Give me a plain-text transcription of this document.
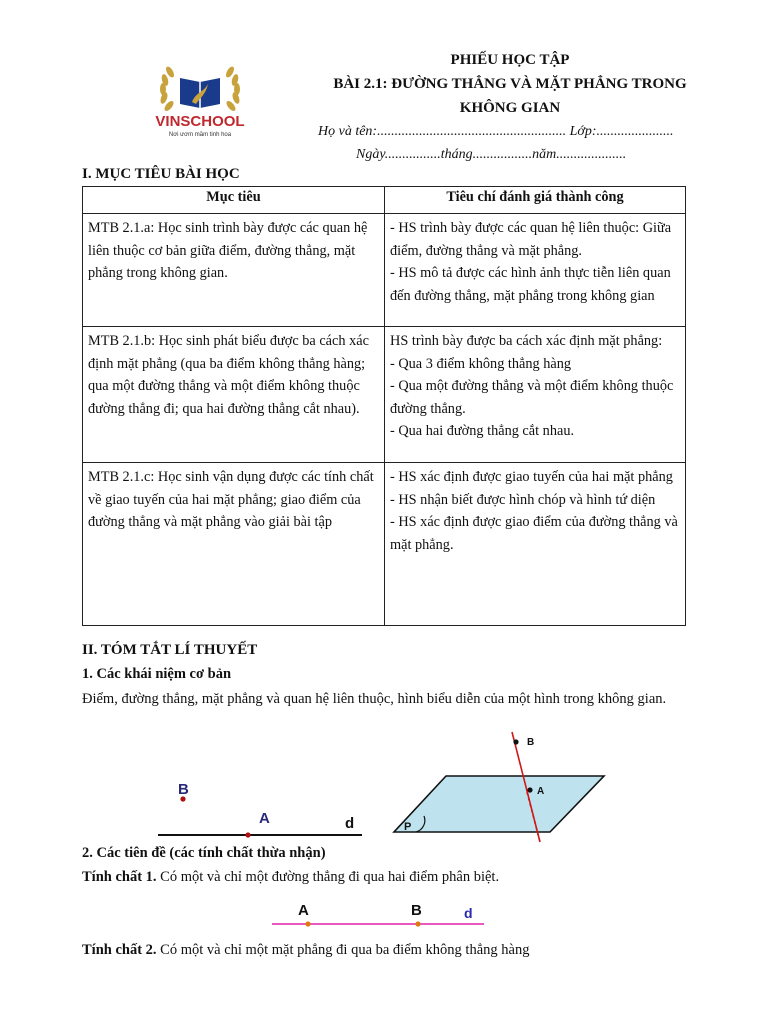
VINSCHOOL
Nơi ươm mầm tinh hoa
PHIẾU HỌC TẬP
BÀI 2.1: ĐƯỜNG THẲNG VÀ MẶT PHẲNG TRONG
KHÔNG GIAN
Họ và tên:...................................................... Lớp:......................
Ngày................tháng.................năm....................
I. MỤC TIÊU BÀI HỌC
Mục tiêu	Tiêu chí đánh giá thành công
MTB 2.1.a: Học sinh trình bày được các quan hệ liên thuộc cơ bản giữa điểm, đường thẳng, mặt phẳng trong không gian.	- HS trình bày được các quan hệ liên thuộc: Giữa điểm, đường thẳng và mặt phẳng.
- HS mô tả được các hình ảnh thực tiễn liên quan đến đường thẳng, mặt phẳng trong không gian

MTB 2.1.b: Học sinh phát biểu được ba cách xác định mặt phẳng (qua ba điểm không thẳng hàng; qua một đường thẳng và một điểm không thuộc đường thẳng đi; qua hai đường thẳng cắt nhau).	HS trình bày được ba cách xác định mặt phẳng:
- Qua 3 điểm không thẳng hàng
- Qua một đường thẳng và một điểm không thuộc đường thẳng.
- Qua hai đường thẳng cắt nhau.

MTB 2.1.c: Học sinh vận dụng được các tính chất về giao tuyến của hai mặt phẳng; giao điểm của đường thẳng và mặt phẳng vào giải bài tập	- HS xác định được giao tuyến của hai mặt phẳng
- HS nhận biết được hình chóp và hình tứ diện
- HS xác định được giao điểm của đường thẳng và mặt phẳng.
II. TÓM TẮT LÍ THUYẾT
1. Các khái niệm cơ bản
Điểm, đường thẳng, mặt phẳng và quan hệ liên thuộc, hình biểu diễn của một hình trong không gian.
B
A	d
B
A
P
2. Các tiên đề (các tính chất thừa nhận)
Tính chất 1. Có một và chỉ một đường thẳng đi qua hai điểm phân biệt.
A	B	d
Tính chất 2. Có một và chỉ một mặt phẳng đi qua ba điểm không thẳng hàng
